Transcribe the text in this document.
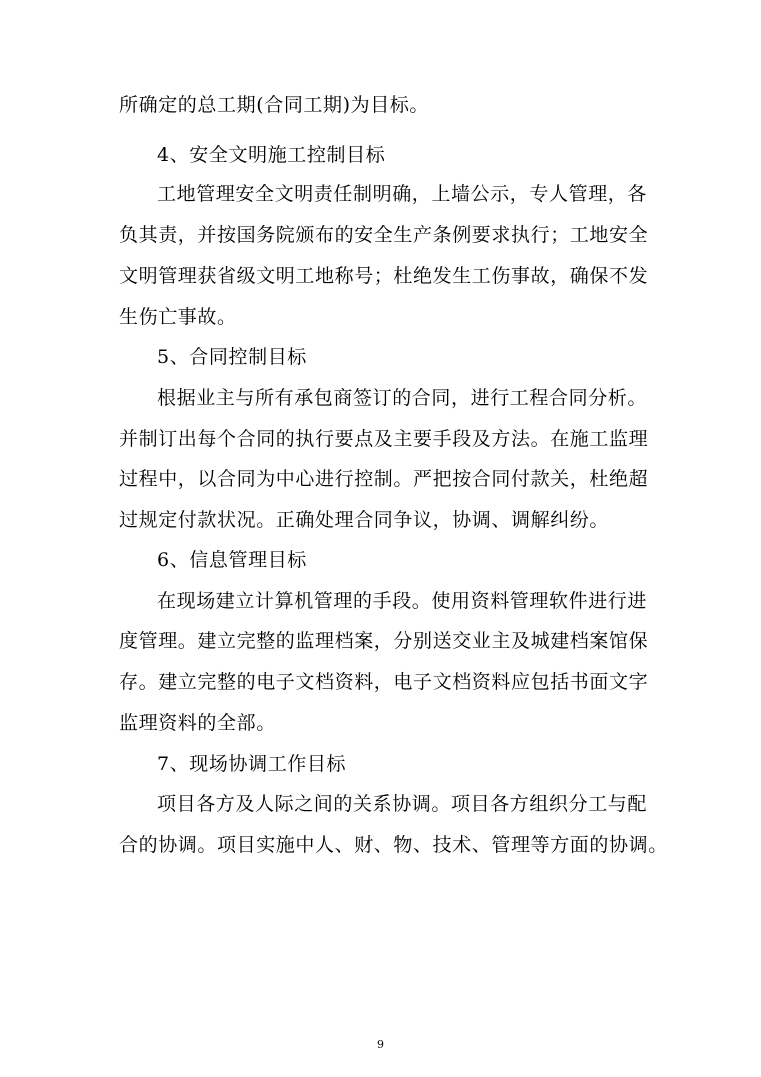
所确定的总工期(合同工期)为目标。
4、安全文明施工控制目标
工地管理安全文明责任制明确，上墙公示，专人管理，各
负其责，并按国务院颁布的安全生产条例要求执行；工地安全
文明管理获省级文明工地称号；杜绝发生工伤事故，确保不发
生伤亡事故。
5、合同控制目标
根据业主与所有承包商签订的合同，进行工程合同分析。
并制订出每个合同的执行要点及主要手段及方法。在施工监理
过程中，以合同为中心进行控制。严把按合同付款关，杜绝超
过规定付款状况。正确处理合同争议，协调、调解纠纷。
6、信息管理目标
在现场建立计算机管理的手段。使用资料管理软件进行进
度管理。建立完整的监理档案，分别送交业主及城建档案馆保
存。建立完整的电子文档资料，电子文档资料应包括书面文字
监理资料的全部。
7、现场协调工作目标
项目各方及人际之间的关系协调。项目各方组织分工与配
合的协调。项目实施中人、财、物、技术、管理等方面的协调。
9
